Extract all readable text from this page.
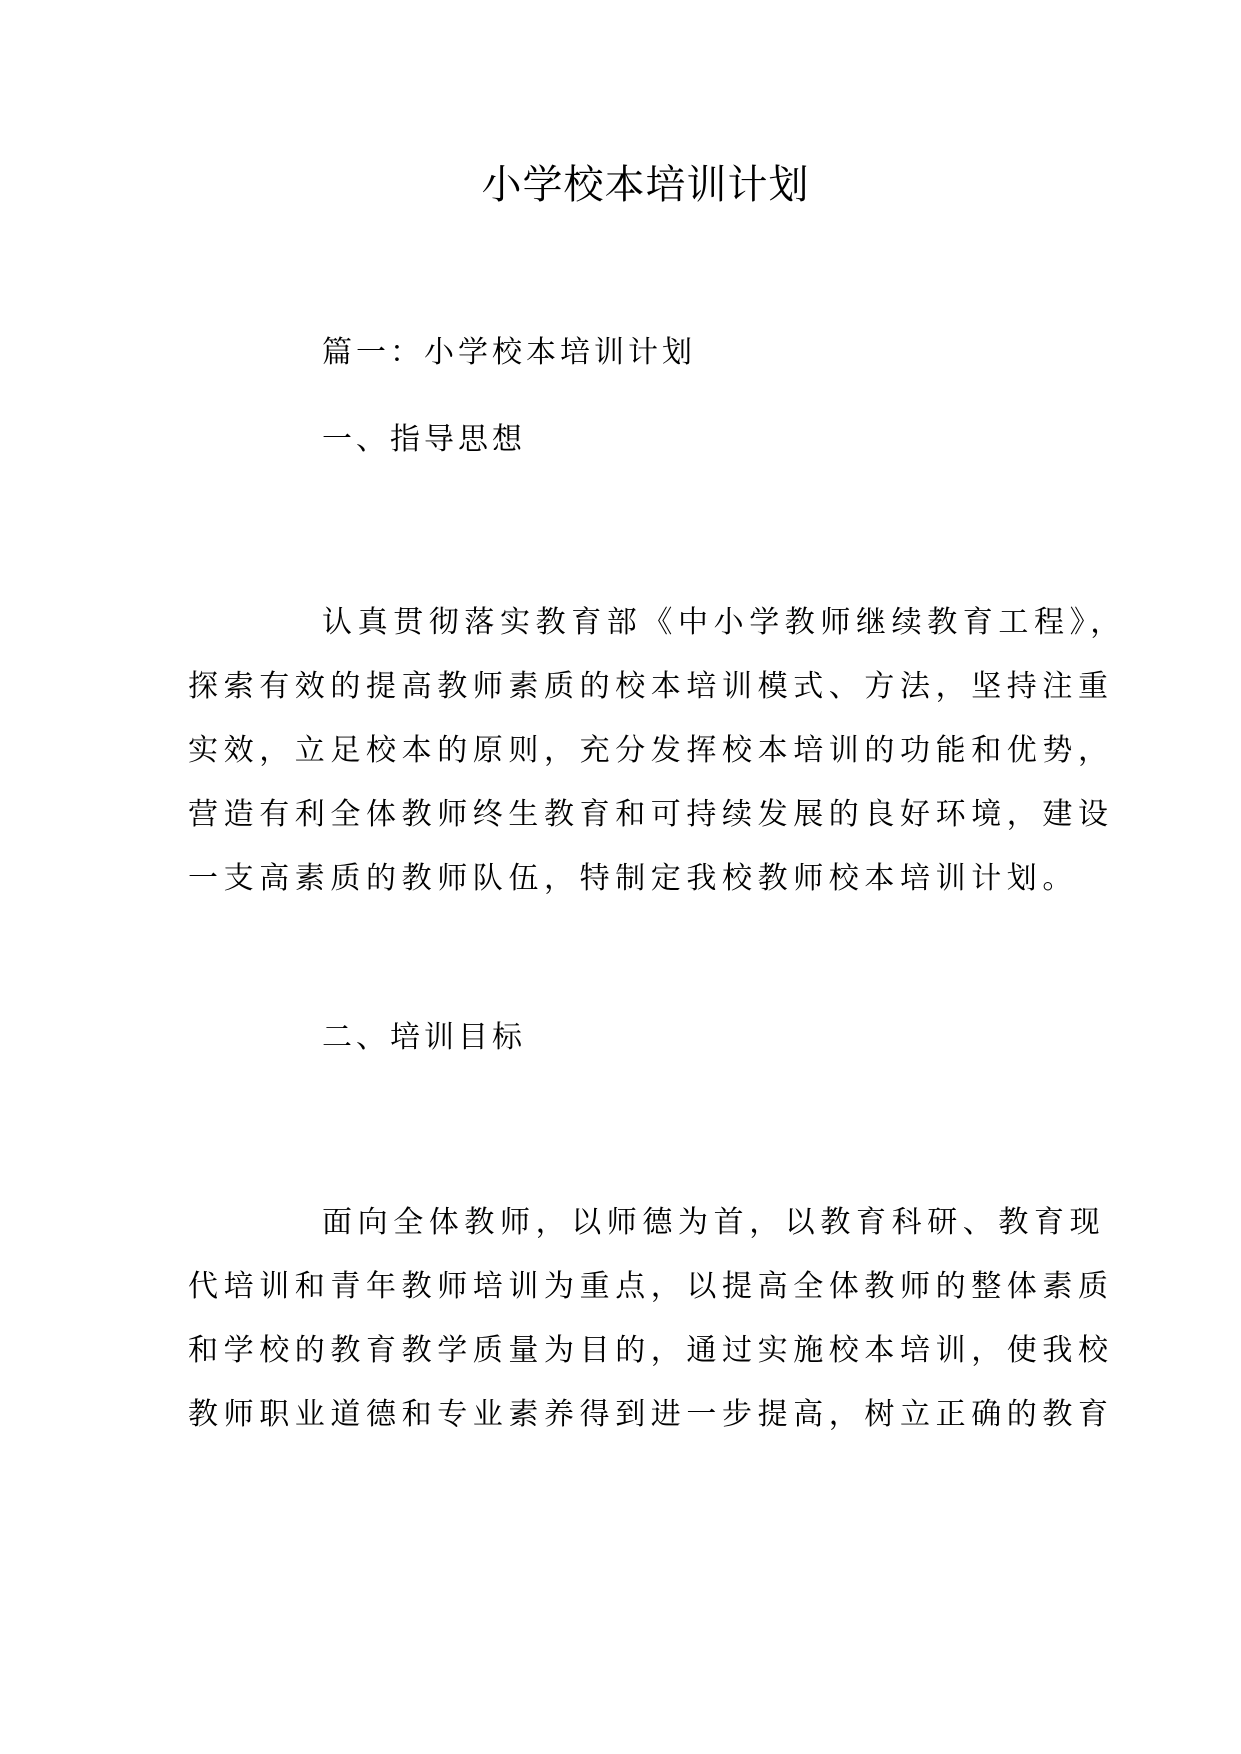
小学校本培训计划
篇一：小学校本培训计划
一、指导思想
认真贯彻落实教育部《中小学教师继续教育工程》，
探索有效的提高教师素质的校本培训模式、方法，坚持注重
实效，立足校本的原则，充分发挥校本培训的功能和优势，
营造有利全体教师终生教育和可持续发展的良好环境，建设
一支高素质的教师队伍，特制定我校教师校本培训计划。
二、培训目标
面向全体教师，以师德为首，以教育科研、教育现
代培训和青年教师培训为重点，以提高全体教师的整体素质
和学校的教育教学质量为目的，通过实施校本培训，使我校
教师职业道德和专业素养得到进一步提高，树立正确的教育
